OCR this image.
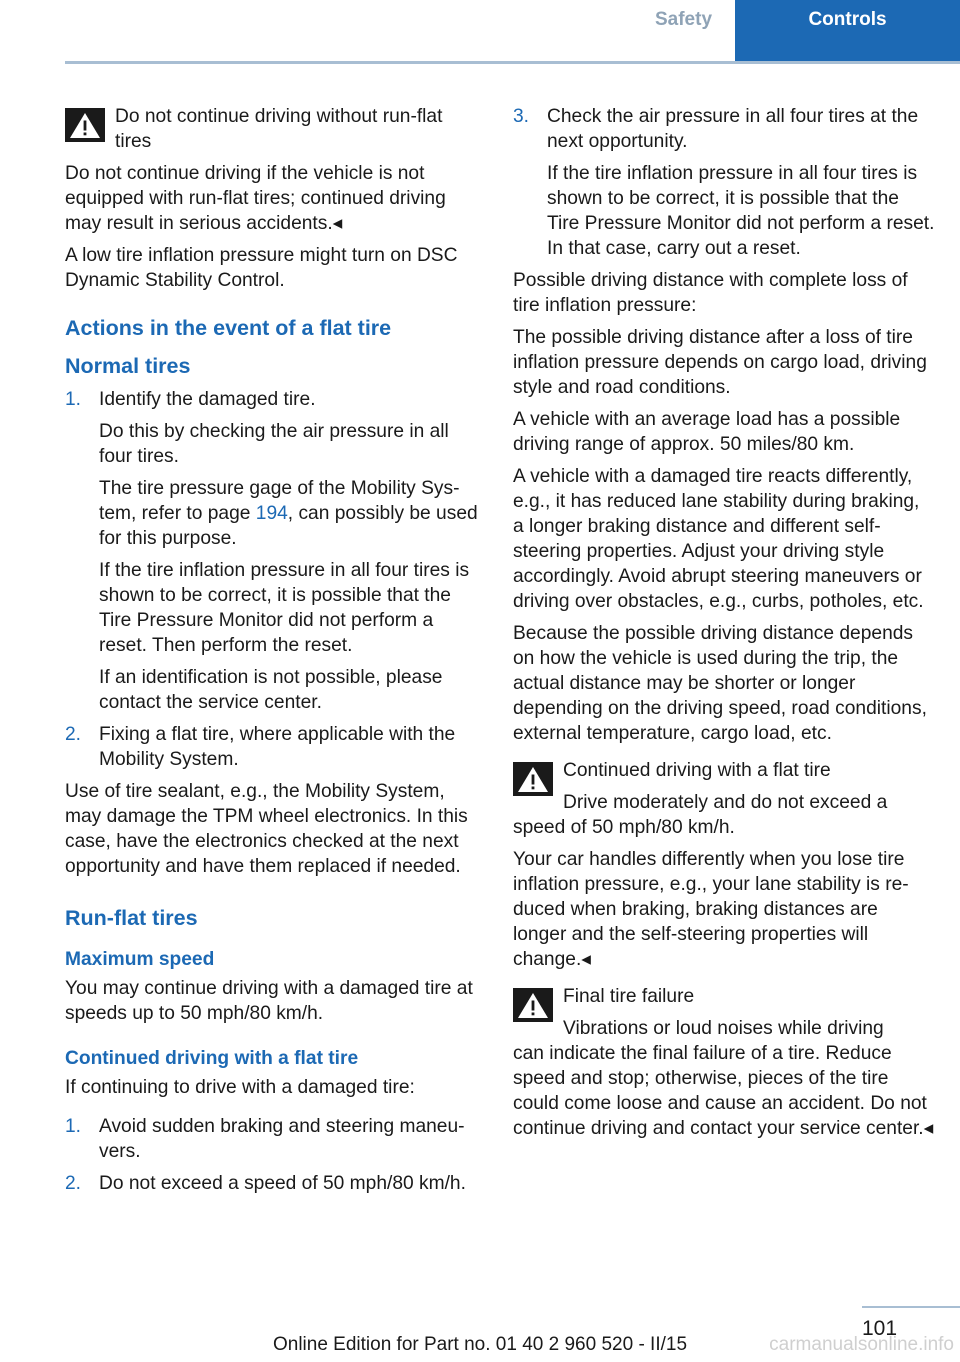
Safety	Controls
Do not continue driving without run-flat tires

Do not continue driving if the vehicle is not equipped with run-flat tires; continued driving may result in serious accidents.◂

A low tire inflation pressure might turn on DSC Dynamic Stability Control.

Actions in the event of a flat tire
Normal tires
1. Identify the damaged tire.
Do this by checking the air pressure in all four tires.
The tire pressure gage of the Mobility System, refer to page 194, can possibly be used for this purpose.
If the tire inflation pressure in all four tires is shown to be correct, it is possible that the Tire Pressure Monitor did not perform a reset. Then perform the reset.
If an identification is not possible, please contact the service center.
2. Fixing a flat tire, where applicable with the Mobility System.

Use of tire sealant, e.g., the Mobility System, may damage the TPM wheel electronics. In this case, have the electronics checked at the next opportunity and have them replaced if needed.

Run-flat tires
Maximum speed

You may continue driving with a damaged tire at speeds up to 50 mph/80 km/h.

Continued driving with a flat tire

If continuing to drive with a damaged tire:

1. Avoid sudden braking and steering maneuvers.
2. Do not exceed a speed of 50 mph/80 km/h.
3. Check the air pressure in all four tires at the next opportunity.
If the tire inflation pressure in all four tires is shown to be correct, it is possible that the Tire Pressure Monitor did not perform a reset. In that case, carry out a reset.

Possible driving distance with complete loss of tire inflation pressure:

The possible driving distance after a loss of tire inflation pressure depends on cargo load, driving style and road conditions.

A vehicle with an average load has a possible driving range of approx. 50 miles/80 km.

A vehicle with a damaged tire reacts differently, e.g., it has reduced lane stability during braking, a longer braking distance and different self-steering properties. Adjust your driving style accordingly. Avoid abrupt steering maneuvers or driving over obstacles, e.g., curbs, potholes, etc.

Because the possible driving distance depends on how the vehicle is used during the trip, the actual distance may be shorter or longer depending on the driving speed, road conditions, external temperature, cargo load, etc.

Continued driving with a flat tire
Drive moderately and do not exceed a
speed of 50 mph/80 km/h.

Your car handles differently when you lose tire inflation pressure, e.g., your lane stability is reduced when braking, braking distances are longer and the self-steering properties will change.◂

Final tire failure
Vibrations or loud noises while driving
can indicate the final failure of a tire. Reduce speed and stop; otherwise, pieces of the tire could come loose and cause an accident. Do not continue driving and contact your service center.◂
101
carmanualsonline.info
Online Edition for Part no. 01 40 2 960 520 - II/15
